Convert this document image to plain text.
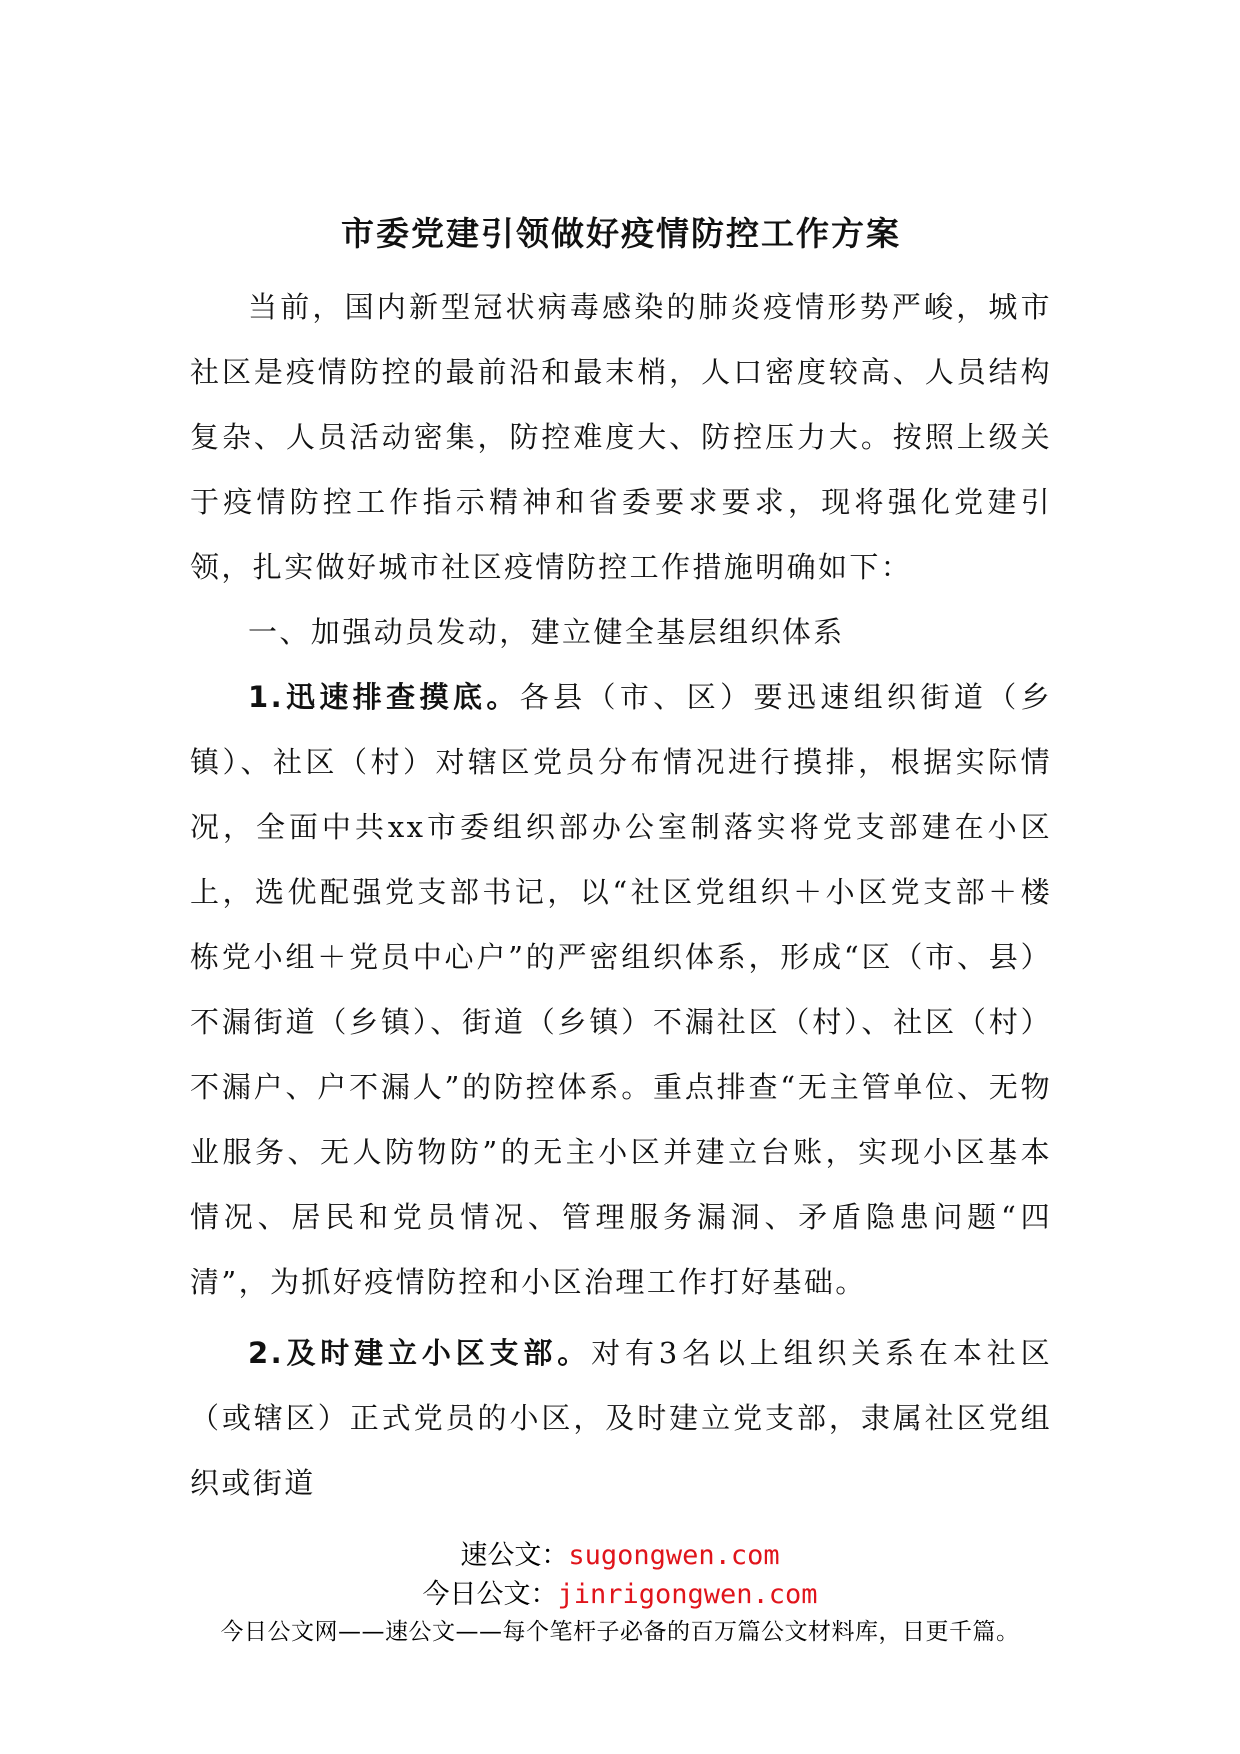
市委党建引领做好疫情防控工作方案

当前，国内新型冠状病毒感染的肺炎疫情形势严峻，城市社区是疫情防控的最前沿和最末梢，人口密度较高、人员结构复杂、人员活动密集，防控难度大、防控压力大。按照上级关于疫情防控工作指示精神和省委要求要求，现将强化党建引领，扎实做好城市社区疫情防控工作措施明确如下：

一、加强动员发动，建立健全基层组织体系

1.迅速排查摸底。各县（市、区）要迅速组织街道（乡镇）、社区（村）对辖区党员分布情况进行摸排，根据实际情况，全面中共xx市委组织部办公室制落实将党支部建在小区上，选优配强党支部书记，以“社区党组织＋小区党支部＋楼栋党小组＋党员中心户”的严密组织体系，形成“区（市、县）不漏街道（乡镇）、街道（乡镇）不漏社区（村）、社区（村）不漏户、户不漏人”的防控体系。重点排查“无主管单位、无物业服务、无人防物防”的无主小区并建立台账，实现小区基本情况、居民和党员情况、管理服务漏洞、矛盾隐患问题“四清”，为抓好疫情防控和小区治理工作打好基础。

2.及时建立小区支部。对有3名以上组织关系在本社区（或辖区）正式党员的小区，及时建立党支部，隶属社区党组织或街道

速公文：sugongwen.com
今日公文：jinrigongwen.com
今日公文网——速公文——每个笔杆子必备的百万篇公文材料库，日更千篇。
